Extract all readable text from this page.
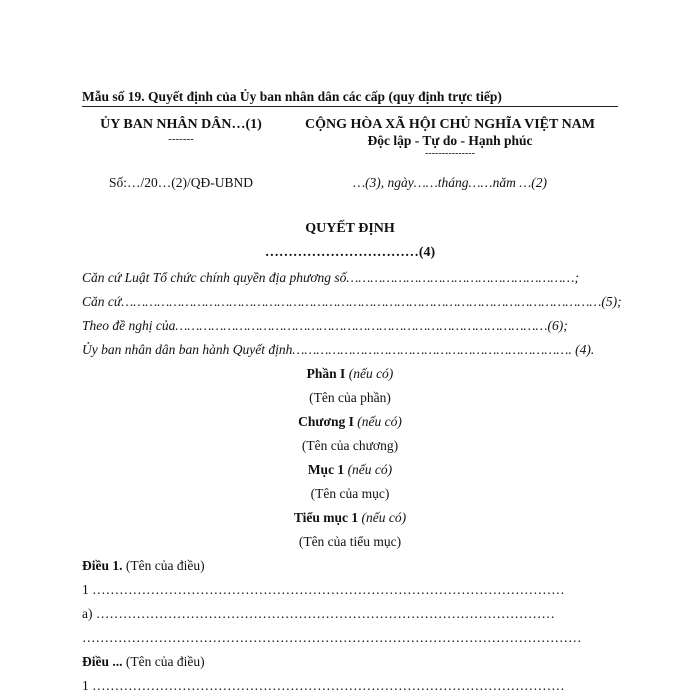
Mẫu số 19. Quyết định của Ủy ban nhân dân các cấp (quy định trực tiếp)
ỦY BAN NHÂN DÂN…(1)
-------
CỘNG HÒA XÃ HỘI CHỦ NGHĨA VIỆT NAM
Độc lập - Tự do - Hạnh phúc
---------------
Số:…/20…(2)/QĐ-UBND	…(3), ngày……tháng……năm …(2)
QUYẾT ĐỊNH
……………………………(4)
Căn cứ Luật Tổ chức chính quyền địa phương số…………………………………………………;
Căn cứ…………………………………………………………………………………………………………(5);
Theo đề nghị của…………………………………………………………………………………(6);
Ủy ban nhân dân ban hành Quyết định……………………………………………………………. (4).
Phần I (nếu có)
(Tên của phần)
Chương I (nếu có)
(Tên của chương)
Mục 1 (nếu có)
(Tên của mục)
Tiểu mục 1 (nếu có)
(Tên của tiểu mục)
Điều 1. (Tên của điều)
1 ……………………………………………………………………………………………
a) …………………………………………………………………………………………
…………………………………………………………………………………………………
Điều ... (Tên của điều)
1 ……………………………………………………………………………………………
